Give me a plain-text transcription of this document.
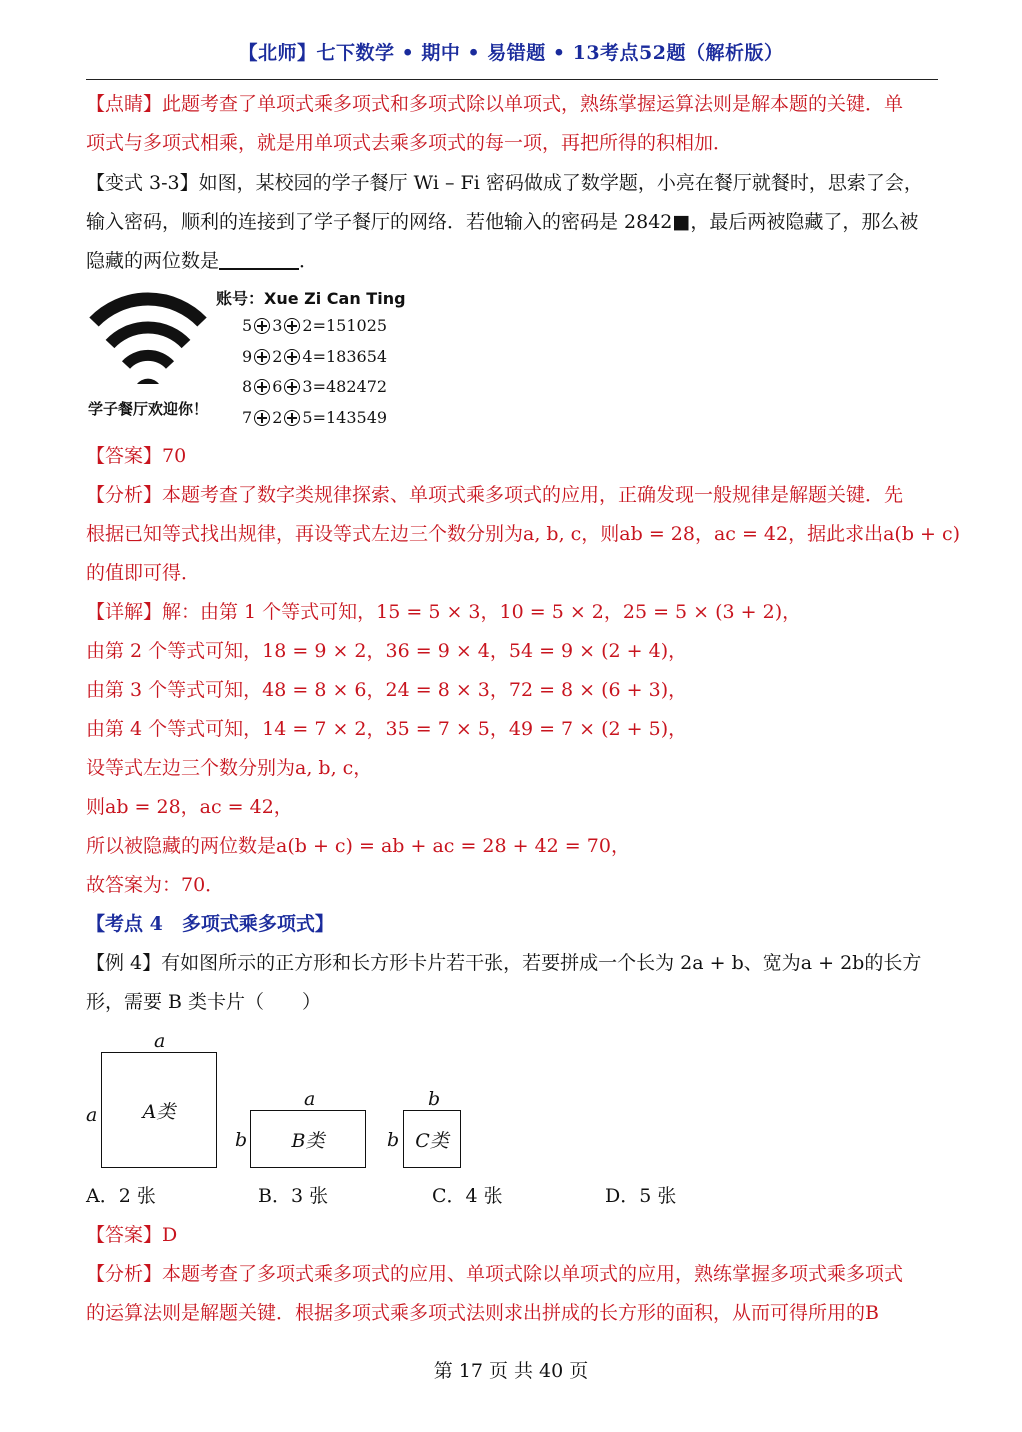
【北师】七下数学 • 期中 • 易错题 • 13考点52题（解析版）
【点睛】此题考查了单项式乘多项式和多项式除以单项式，熟练掌握运算法则是解本题的关键．单
项式与多项式相乘，就是用单项式去乘多项式的每一项，再把所得的积相加．
【变式 3-3】如图，某校园的学子餐厅 Wi – Fi 密码做成了数学题，小亮在餐厅就餐时，思索了会，
输入密码，顺利的连接到了学子餐厅的网络．若他输入的密码是 2842■，最后两被隐藏了，那么被
隐藏的两位数是	．
学子餐厅欢迎你！
账号：Xue Zi Can Ting
5 3 2=151025
9 2 4=183654
8 6 3=482472
7 2 5=143549
【答案】70
【分析】本题考查了数字类规律探索、单项式乘多项式的应用，正确发现一般规律是解题关键．先
根据已知等式找出规律，再设等式左边三个数分别为a, b, c，则ab = 28，ac = 42，据此求出a(b + c)
的值即可得．
【详解】解：由第 1 个等式可知，15 = 5 × 3，10 = 5 × 2，25 = 5 × (3 + 2)，
由第 2 个等式可知，18 = 9 × 2，36 = 9 × 4，54 = 9 × (2 + 4)，
由第 3 个等式可知，48 = 8 × 6，24 = 8 × 3，72 = 8 × (6 + 3)，
由第 4 个等式可知，14 = 7 × 2，35 = 7 × 5，49 = 7 × (2 + 5)，
设等式左边三个数分别为a, b, c，
则ab = 28，ac = 42，
所以被隐藏的两位数是a(b + c) = ab + ac = 28 + 42 = 70，
故答案为：70．
【考点 4　多项式乘多项式】
【例 4】有如图所示的正方形和长方形卡片若干张，若要拼成一个长为 2a + b、宽为a + 2b的长方
形，需要 B 类卡片（　　）
a
a A类
a
b B类
b
b C类
A．2 张	B．3 张	C．4 张	D．5 张
【答案】D
【分析】本题考查了多项式乘多项式的应用、单项式除以单项式的应用，熟练掌握多项式乘多项式
的运算法则是解题关键．根据多项式乘多项式法则求出拼成的长方形的面积，从而可得所用的B
第 17 页 共 40 页
